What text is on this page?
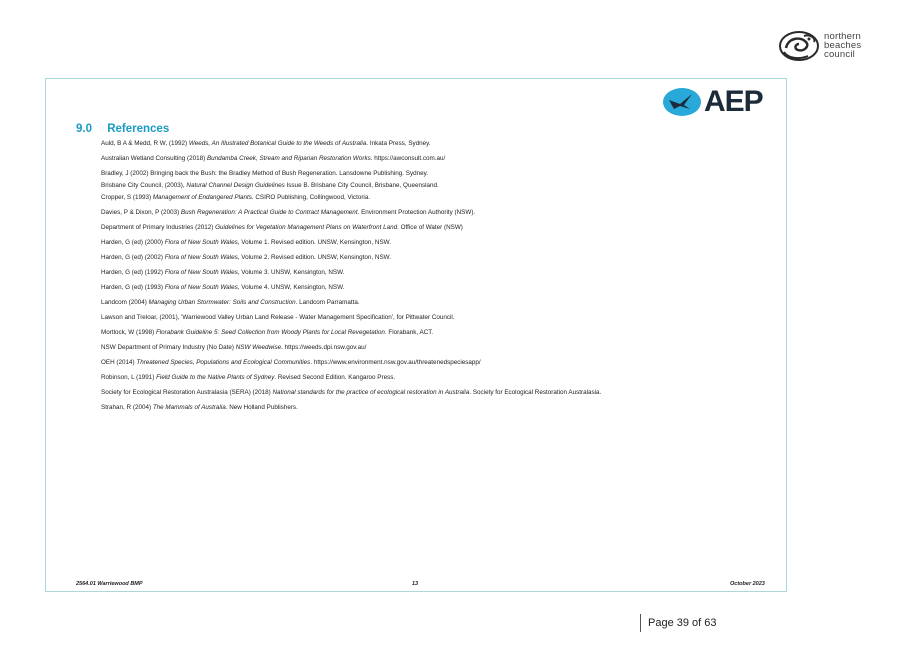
northern
beaches
council
AEP
9.0 References
Auld, B A & Medd, R W, (1992) Weeds, An Illustrated Botanical Guide to the Weeds of Australia. Inkata Press, Sydney.
Australian Wetland Consulting (2018) Bundamba Creek, Stream and Riparian Restoration Works. https://awconsult.com.au/
Bradley, J (2002) Bringing back the Bush: the Bradley Method of Bush Regeneration. Lansdowne Publishing. Sydney.
Brisbane City Council, (2003), Natural Channel Design Guidelines Issue B. Brisbane City Council, Brisbane, Queensland.
Cropper, S (1993) Management of Endangered Plants. CSIRO Publishing, Collingwood, Victoria.
Davies, P & Dixon, P (2003) Bush Regeneration: A Practical Guide to Contract Management. Environment Protection Authority (NSW).
Department of Primary Industries (2012) Guidelines for Vegetation Management Plans on Waterfront Land. Office of Water (NSW)
Harden, G (ed) (2000) Flora of New South Wales, Volume 1. Revised edition. UNSW, Kensington, NSW.
Harden, G (ed) (2002) Flora of New South Wales, Volume 2. Revised edition. UNSW, Kensington, NSW.
Harden, G (ed) (1992) Flora of New South Wales, Volume 3. UNSW, Kensington, NSW.
Harden, G (ed) (1993) Flora of New South Wales, Volume 4. UNSW, Kensington, NSW.
Landcom (2004) Managing Urban Stormwater: Soils and Construction. Landcom Parramatta.
Lawson and Treloar, (2001), 'Warriewood Valley Urban Land Release - Water Management Specification', for Pittwater Council.
Mortlock, W (1998) Florabank Guideline 5: Seed Collection from Woody Plants for Local Revegetation. Florabank, ACT.
NSW Department of Primary Industry (No Date) NSW Weedwise. https://weeds.dpi.nsw.gov.au/
OEH (2014) Threatened Species, Populations and Ecological Communities. https://www.environment.nsw.gov.au/threatenedspeciesapp/
Robinson, L (1991) Field Guide to the Native Plants of Sydney. Revised Second Edition. Kangaroo Press.
Society for Ecological Restoration Australasia (SERA) (2018) National standards for the practice of ecological restoration in Australia. Society for Ecological Restoration Australasia.
Strahan, R (2004) The Mammals of Australia. New Holland Publishers.
2564.01 Warriewood BMP	13	October 2023
Page 39 of 63
